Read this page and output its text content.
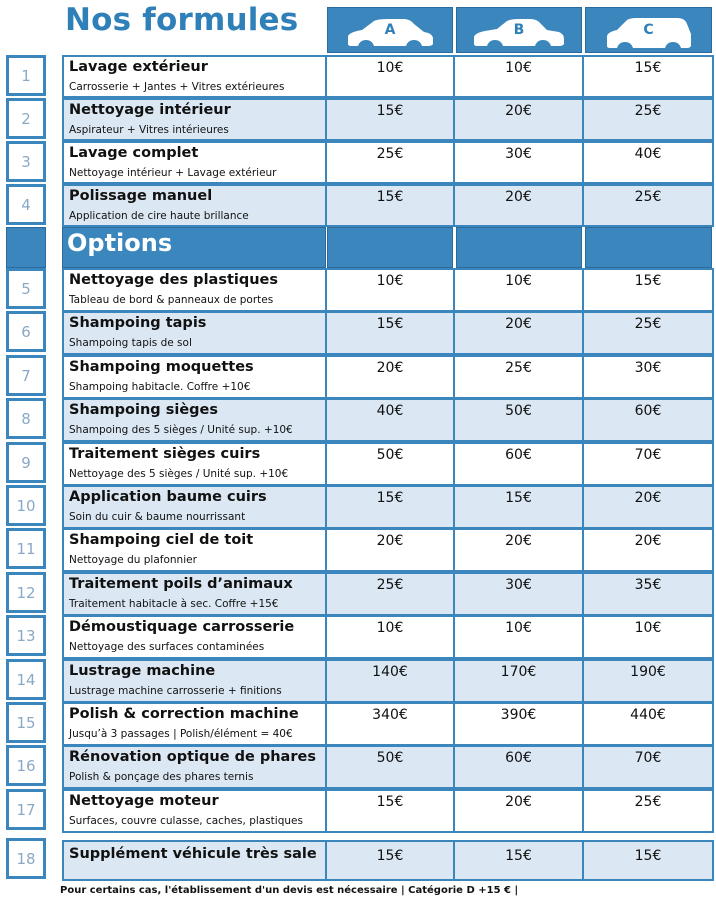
Nos formules	A	B	C
1	Lavage extérieur
Carrosserie + Jantes + Vitres extérieures
10€	10€	15€
2	Nettoyage intérieur
Aspirateur + Vitres intérieures
15€	20€	25€
3	Lavage complet
Nettoyage intérieur + Lavage extérieur
25€	30€	40€
4	Polissage manuel
Application de cire haute brillance
15€	20€	25€
Options
5	Nettoyage des plastiques
Tableau de bord & panneaux de portes
10€	10€	15€
6	Shampoing tapis
Shampoing tapis de sol
15€	20€	25€
7	Shampoing moquettes
Shampoing habitacle. Coffre +10€
20€	25€	30€
8	Shampoing sièges
Shampoing des 5 sièges / Unité sup. +10€
40€	50€	60€
9	Traitement sièges cuirs
Nettoyage des 5 sièges / Unité sup. +10€
50€	60€	70€
10	Application baume cuirs
Soin du cuir & baume nourrissant
15€	15€	20€
11	Shampoing ciel de toit
Nettoyage du plafonnier
20€	20€	20€
12	Traitement poils d’animaux
Traitement habitacle à sec. Coffre +15€
25€	30€	35€
13	Démoustiquage carrosserie
Nettoyage des surfaces contaminées
10€	10€	10€
14	Lustrage machine
Lustrage machine carrosserie + finitions
140€	170€	190€
15	Polish & correction machine
Jusqu’à 3 passages | Polish/élément = 40€
340€	390€	440€
16	Rénovation optique de phares
Polish & ponçage des phares ternis
50€	60€	70€
17	Nettoyage moteur
Surfaces, couvre culasse, caches, plastiques
15€	20€	25€
18	Supplément véhicule très sale	15€	15€	15€
Pour certains cas, l'établissement d'un devis est nécessaire | Catégorie D +15 € |
